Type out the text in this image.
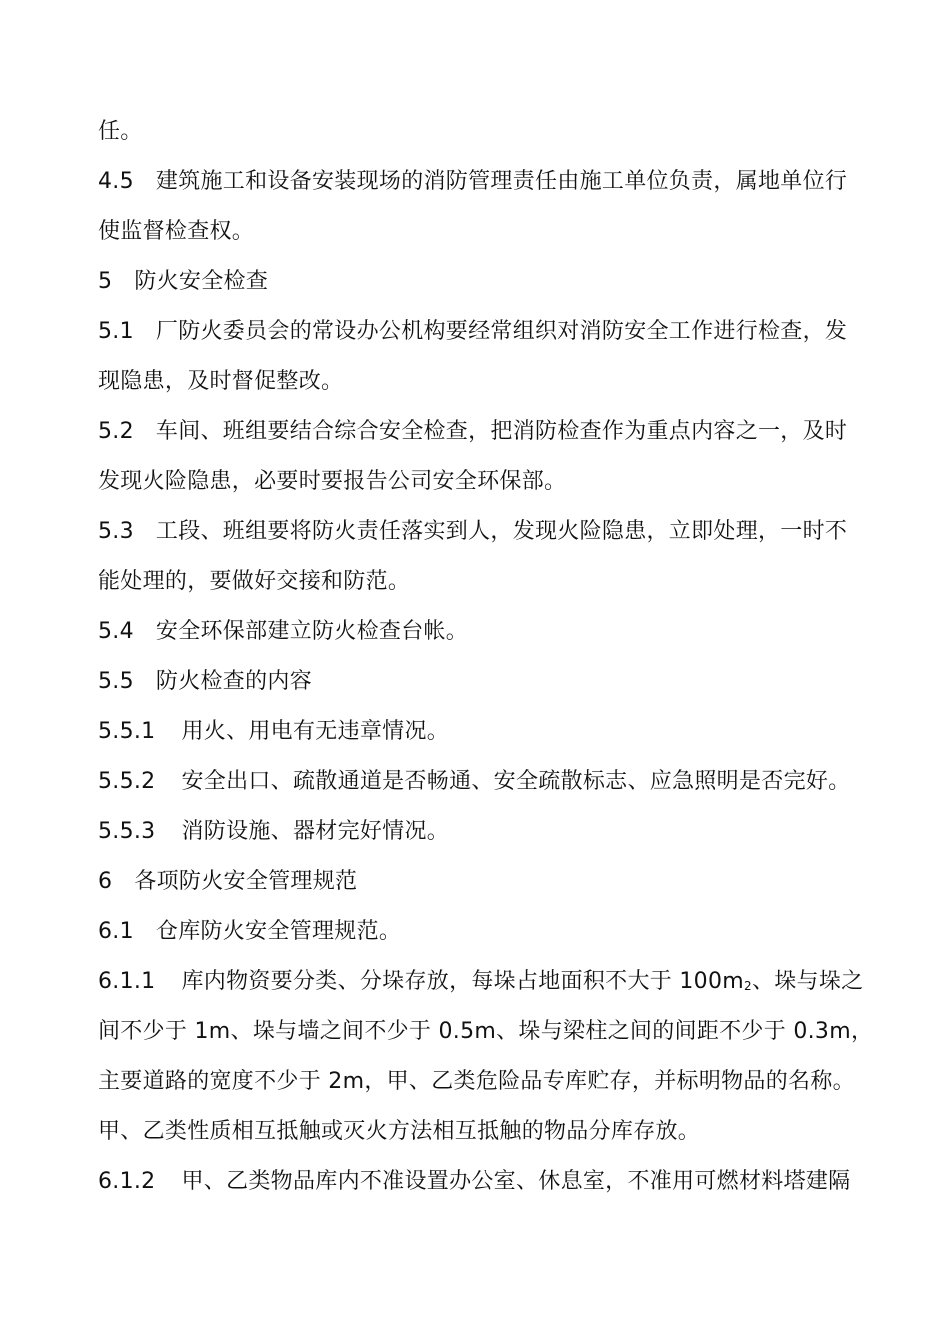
任。
4.5 建筑施工和设备安装现场的消防管理责任由施工单位负责，属地单位行
使监督检查权。
5 防火安全检查
5.1 厂防火委员会的常设办公机构要经常组织对消防安全工作进行检查，发
现隐患，及时督促整改。
5.2 车间、班组要结合综合安全检查，把消防检查作为重点内容之一，及时
发现火险隐患，必要时要报告公司安全环保部。
5.3 工段、班组要将防火责任落实到人，发现火险隐患，立即处理，一时不
能处理的，要做好交接和防范。
5.4 安全环保部建立防火检查台帐。
5.5 防火检查的内容
5.5.1 用火、用电有无违章情况。
5.5.2 安全出口、疏散通道是否畅通、安全疏散标志、应急照明是否完好。
5.5.3 消防设施、器材完好情况。
6 各项防火安全管理规范
6.1 仓库防火安全管理规范。
6.1.1 库内物资要分类、分垛存放，每垛占地面积不大于 $100m_2$、垛与垛之
间不少于 1m、垛与墙之间不少于 0.5m、垛与梁柱之间的间距不少于 0.3m，
主要道路的宽度不少于 2m，甲、乙类危险品专库贮存，并标明物品的名称。
甲、乙类性质相互抵触或灭火方法相互抵触的物品分库存放。
6.1.2 甲、乙类物品库内不准设置办公室、休息室，不准用可燃材料塔建隔
